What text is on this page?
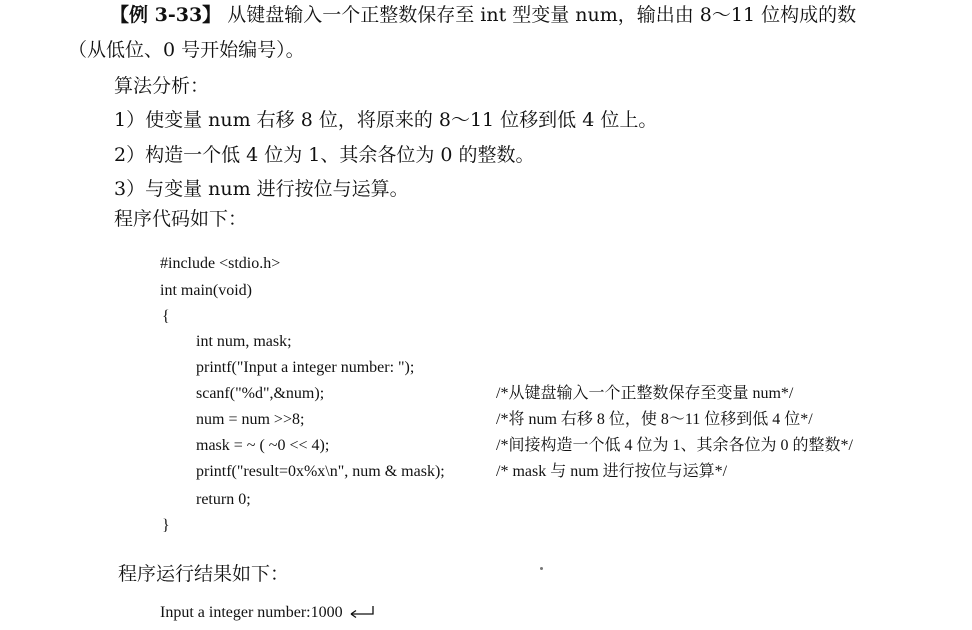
【例 3-33】 从键盘输入一个正整数保存至 int 型变量 num，输出由 8～11 位构成的数
（从低位、0 号开始编号）。
算法分析：
1）使变量 num 右移 8 位，将原来的 8～11 位移到低 4 位上。
2）构造一个低 4 位为 1、其余各位为 0 的整数。
3）与变量 num 进行按位与运算。
程序代码如下：
#include <stdio.h>
int main(void)
{
int num, mask;
printf("Input a integer number: ");
scanf("%d",&num);
num = num >>8;
mask = ~ ( ~0 << 4);
printf("result=0x%x\n", num & mask);
return 0;
}
/*从键盘输入一个正整数保存至变量 num*/
/*将 num 右移 8 位，使 8～11 位移到低 4 位*/
/*间接构造一个低 4 位为 1、其余各位为 0 的整数*/
/* mask 与 num 进行按位与运算*/
程序运行结果如下：
Input a integer number:1000
